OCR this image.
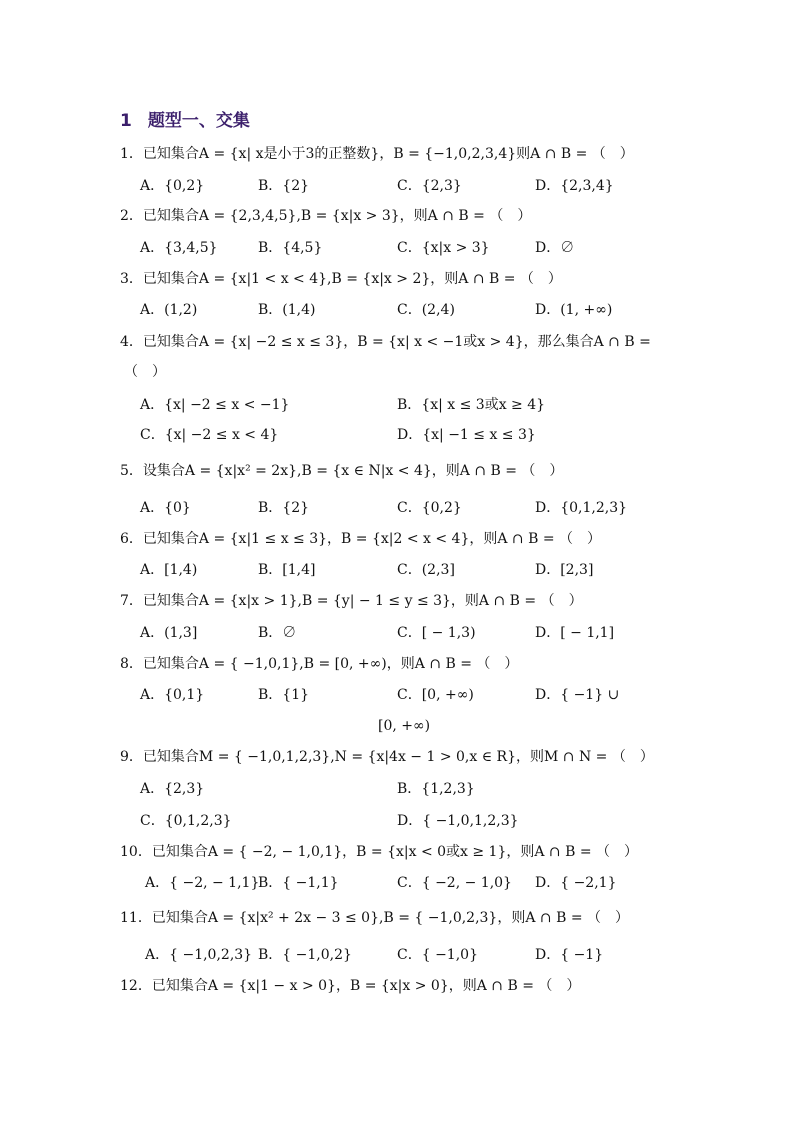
1 题型一、交集
1．已知集合A = {x| x是小于3的正整数}，B = {−1,0,2,3,4}则A ∩ B = （　）
A．{0,2}	B．{2}	C．{2,3}	D．{2,3,4}
2．已知集合A = {2,3,4,5},B = {x|x > 3}，则A ∩ B = （　）
A．{3,4,5}	B．{4,5}	C．{x|x > 3}	D．∅
3．已知集合A = {x|1 < x < 4},B = {x|x > 2}，则A ∩ B = （　）
A．(1,2)	B．(1,4)	C．(2,4)	D．(1, +∞)
4．已知集合A = {x| −2 ≤ x ≤ 3}，B = {x| x < −1或x > 4}，那么集合A ∩ B =
（　）
A．{x| −2 ≤ x < −1}	B．{x| x ≤ 3或x ≥ 4}
C．{x| −2 ≤ x < 4}	D．{x| −1 ≤ x ≤ 3}
5．设集合A = {x|x² = 2x},B = {x ∈ N|x < 4}，则A ∩ B = （　）
A．{0}	B．{2}	C．{0,2}	D．{0,1,2,3}
6．已知集合A = {x|1 ≤ x ≤ 3}，B = {x|2 < x < 4}，则A ∩ B = （　）
A．[1,4)	B．[1,4]	C．(2,3]	D．[2,3]
7．已知集合A = {x|x > 1},B = {y| − 1 ≤ y ≤ 3}，则A ∩ B = （　）
A．(1,3]	B．∅	C．[ − 1,3)	D．[ − 1,1]
8．已知集合A = { −1,0,1},B = [0, +∞)，则A ∩ B = （　）
A．{0,1}	B．{1}	C．[0, +∞)	D．{ −1} ∪
[0, +∞)
9．已知集合M = { −1,0,1,2,3},N = {x|4x − 1 > 0,x ∈ R}，则M ∩ N = （　）
A．{2,3}	B．{1,2,3}
C．{0,1,2,3}	D．{ −1,0,1,2,3}
10．已知集合A = { −2, − 1,0,1}，B = {x|x < 0或x ≥ 1}，则A ∩ B = （　）
A．{ −2, − 1,1}
B．{ −1,1}	C．{ −2, − 1,0} D．{ −2,1}
11．已知集合A = {x|x² + 2x − 3 ≤ 0},B = { −1,0,2,3}，则A ∩ B = （　）
A．{ −1,0,2,3} B．{ −1,0,2}	C．{ −1,0}	D．{ −1}
12．已知集合A = {x|1 − x > 0}，B = {x|x > 0}，则A ∩ B = （　）
